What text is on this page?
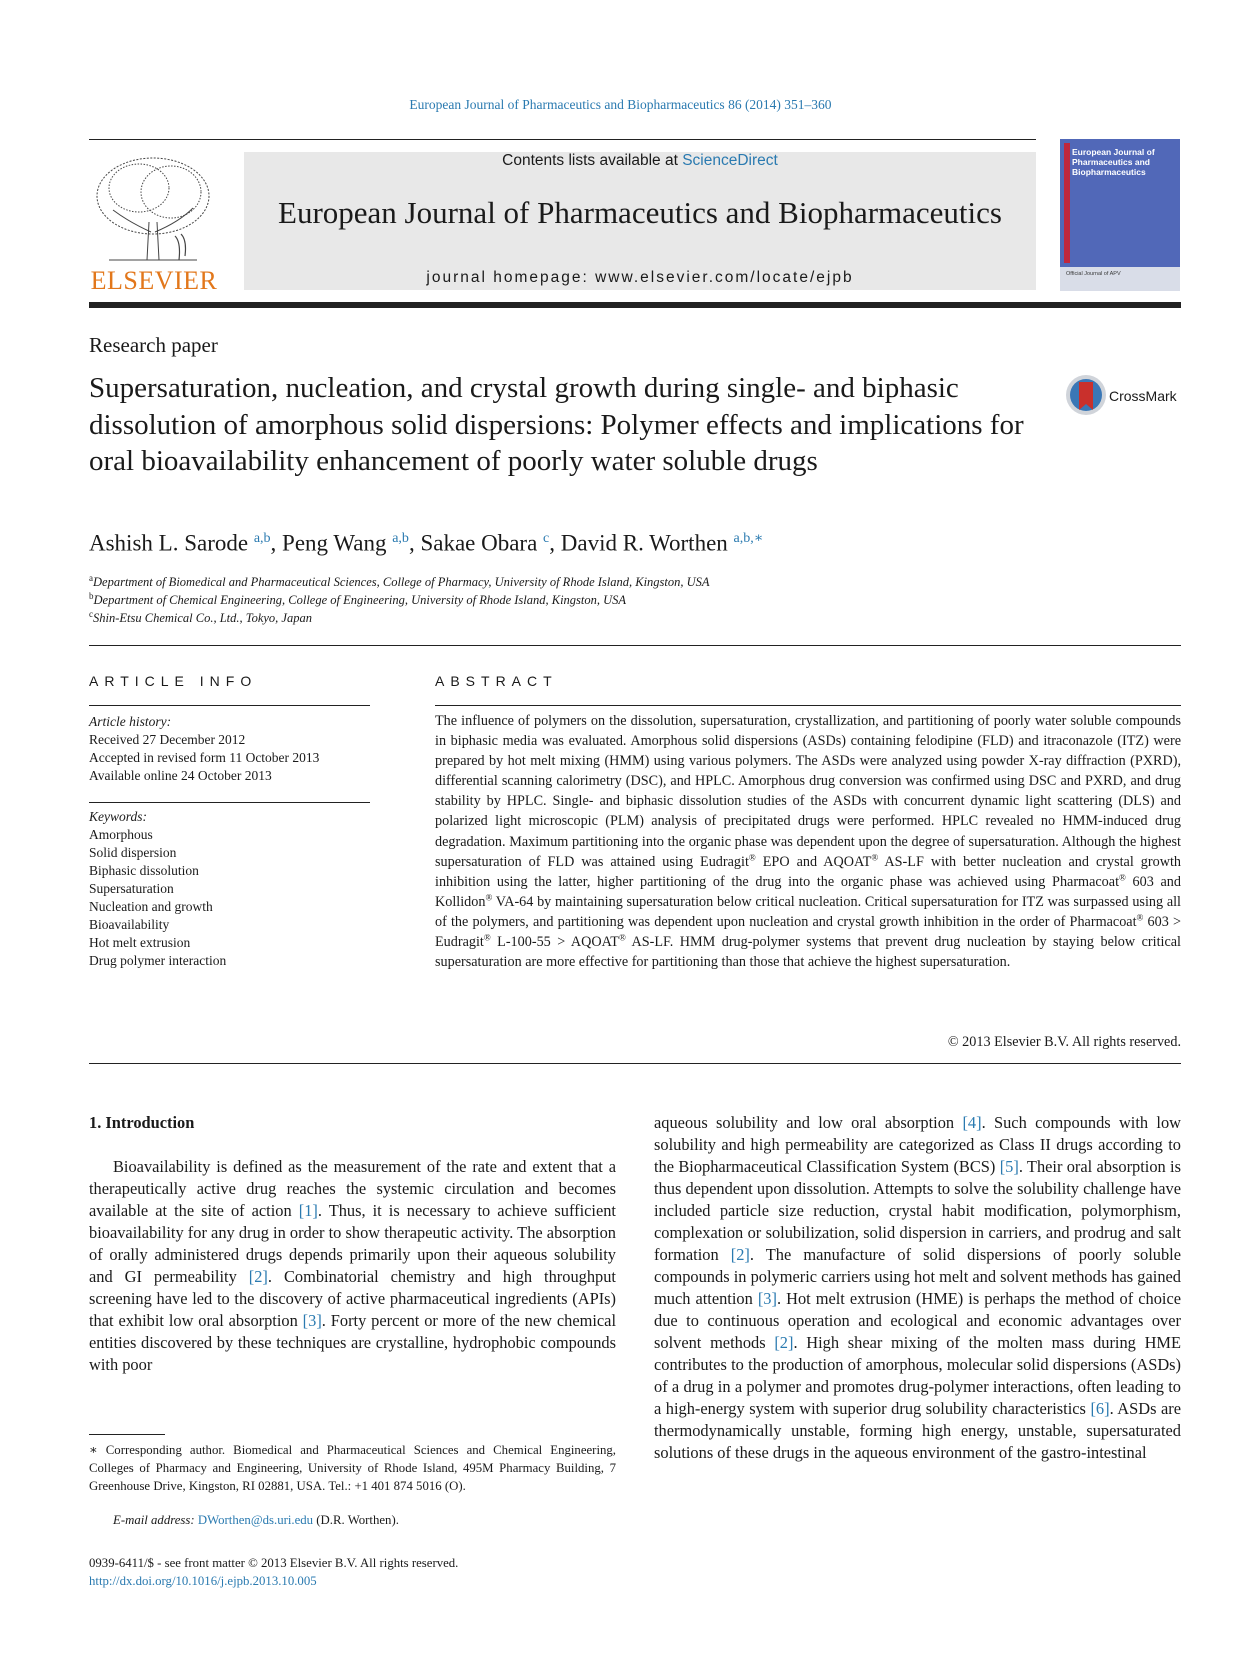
European Journal of Pharmaceutics and Biopharmaceutics 86 (2014) 351–360
ELSEVIER
Contents lists available at ScienceDirect
European Journal of Pharmaceutics and Biopharmaceutics
journal homepage: www.elsevier.com/locate/ejpb
European Journal of Pharmaceutics and Biopharmaceutics
Official Journal of APV
Research paper
Supersaturation, nucleation, and crystal growth during single- and biphasic dissolution of amorphous solid dispersions: Polymer effects and implications for oral bioavailability enhancement of poorly water soluble drugs
CrossMark
Ashish L. Sarode $^{a,b}$, Peng Wang $^{a,b}$, Sakae Obara $^c$, David R. Worthen $^{a,b,∗}$
$^a$Department of Biomedical and Pharmaceutical Sciences, College of Pharmacy, University of Rhode Island, Kingston, USA
$^b$Department of Chemical Engineering, College of Engineering, University of Rhode Island, Kingston, USA
$^c$Shin-Etsu Chemical Co., Ltd., Tokyo, Japan
ARTICLE INFO
Article history:
Received 27 December 2012
Accepted in revised form 11 October 2013
Available online 24 October 2013
Keywords:
Amorphous
Solid dispersion
Biphasic dissolution
Supersaturation
Nucleation and growth
Bioavailability
Hot melt extrusion
Drug polymer interaction
ABSTRACT
The influence of polymers on the dissolution, supersaturation, crystallization, and partitioning of poorly water soluble compounds in biphasic media was evaluated. Amorphous solid dispersions (ASDs) containing felodipine (FLD) and itraconazole (ITZ) were prepared by hot melt mixing (HMM) using various polymers. The ASDs were analyzed using powder X-ray diffraction (PXRD), differential scanning calorimetry (DSC), and HPLC. Amorphous drug conversion was confirmed using DSC and PXRD, and drug stability by HPLC. Single- and biphasic dissolution studies of the ASDs with concurrent dynamic light scattering (DLS) and polarized light microscopic (PLM) analysis of precipitated drugs were performed. HPLC revealed no HMM-induced drug degradation. Maximum partitioning into the organic phase was dependent upon the degree of supersaturation. Although the highest supersaturation of FLD was attained using Eudragit® EPO and AQOAT® AS-LF with better nucleation and crystal growth inhibition using the latter, higher partitioning of the drug into the organic phase was achieved using Pharmacoat® 603 and Kollidon® VA-64 by maintaining supersaturation below critical nucleation. Critical supersaturation for ITZ was surpassed using all of the polymers, and partitioning was dependent upon nucleation and crystal growth inhibition in the order of Pharmacoat® 603 > Eudragit® L-100-55 > AQOAT® AS-LF. HMM drug-polymer systems that prevent drug nucleation by staying below critical supersaturation are more effective for partitioning than those that achieve the highest supersaturation.
© 2013 Elsevier B.V. All rights reserved.
1. Introduction
Bioavailability is defined as the measurement of the rate and extent that a therapeutically active drug reaches the systemic circulation and becomes available at the site of action [1]. Thus, it is necessary to achieve sufficient bioavailability for any drug in order to show therapeutic activity. The absorption of orally administered drugs depends primarily upon their aqueous solubility and GI permeability [2]. Combinatorial chemistry and high throughput screening have led to the discovery of active pharmaceutical ingredients (APIs) that exhibit low oral absorption [3]. Forty percent or more of the new chemical entities discovered by these techniques are crystalline, hydrophobic compounds with poor
aqueous solubility and low oral absorption [4]. Such compounds with low solubility and high permeability are categorized as Class II drugs according to the Biopharmaceutical Classification System (BCS) [5]. Their oral absorption is thus dependent upon dissolution. Attempts to solve the solubility challenge have included particle size reduction, crystal habit modification, polymorphism, complexation or solubilization, solid dispersion in carriers, and prodrug and salt formation [2]. The manufacture of solid dispersions of poorly soluble compounds in polymeric carriers using hot melt and solvent methods has gained much attention [3]. Hot melt extrusion (HME) is perhaps the method of choice due to continuous operation and ecological and economic advantages over solvent methods [2]. High shear mixing of the molten mass during HME contributes to the production of amorphous, molecular solid dispersions (ASDs) of a drug in a polymer and promotes drug-polymer interactions, often leading to a high-energy system with superior drug solubility characteristics [6]. ASDs are thermodynamically unstable, forming high energy, unstable, supersaturated solutions of these drugs in the aqueous environment of the gastro-intestinal
∗ Corresponding author. Biomedical and Pharmaceutical Sciences and Chemical Engineering, Colleges of Pharmacy and Engineering, University of Rhode Island, 495M Pharmacy Building, 7 Greenhouse Drive, Kingston, RI 02881, USA. Tel.: +1 401 874 5016 (O).
E-mail address: DWorthen@ds.uri.edu (D.R. Worthen).
0939-6411/$ - see front matter © 2013 Elsevier B.V. All rights reserved.
http://dx.doi.org/10.1016/j.ejpb.2013.10.005
